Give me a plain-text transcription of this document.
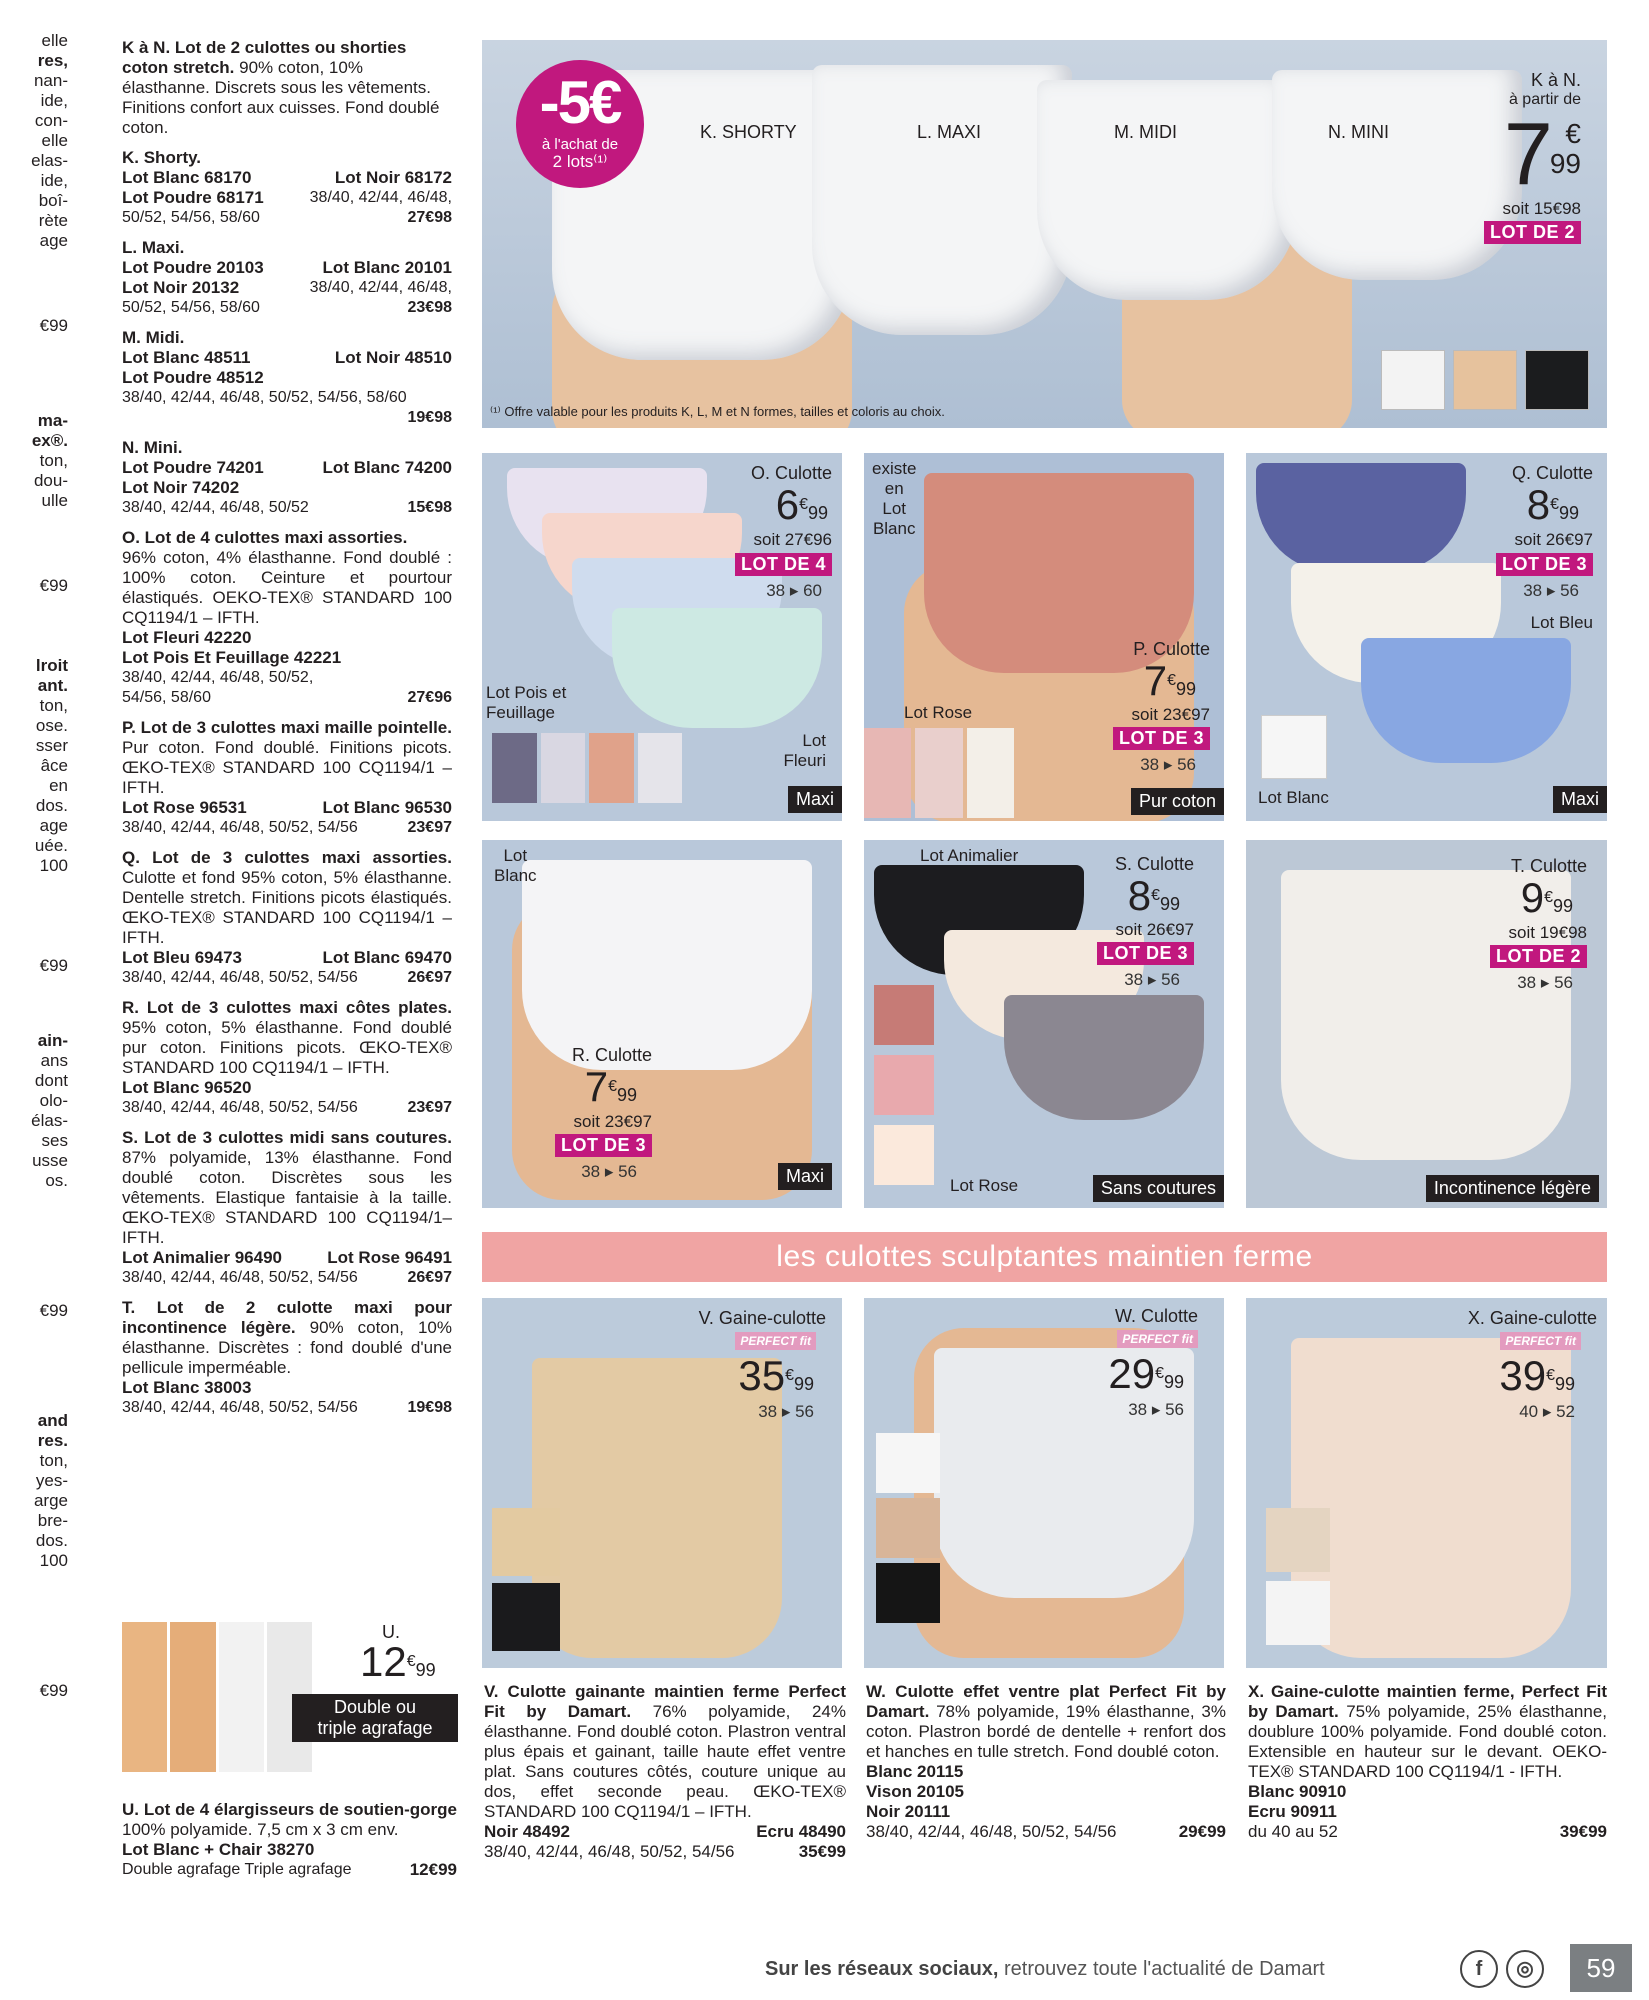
elle
res,
nan-
ide,
con-
elle
elas-
ide,
boî-
rète
age
€99
ma-
ex®.
ton,
dou-
ulle
€99
lroit
ant.
ton,
ose.
sser
âce
en
dos.
age
uée.
100
€99
ain-
ans
dont
olo-
élas-
ses
usse
os.
€99
and
res.
ton,
yes-
arge
bre-
dos.
100
€99
K à N. Lot de 2 culottes ou shorties coton stretch. 90% coton, 10% élasthanne. Discrets sous les vêtements. Finitions confort aux cuisses. Fond doublé coton.
K. Shorty.
Lot Blanc 68170	Lot Noir 68172
Lot Poudre 68171	38/40, 42/44, 46/48,
50/52, 54/56, 58/60	27€98
L. Maxi.
Lot Poudre 20103	Lot Blanc 20101
Lot Noir 20132	38/40, 42/44, 46/48,
50/52, 54/56, 58/60	23€98
M. Midi.
Lot Blanc 48511	Lot Noir 48510
Lot Poudre 48512
38/40, 42/44, 46/48, 50/52, 54/56, 58/60
19€98
N. Mini.
Lot Poudre 74201	Lot Blanc 74200
Lot Noir 74202
38/40, 42/44, 46/48, 50/52	15€98
O. Lot de 4 culottes maxi assorties.
96% coton, 4% élasthanne. Fond doublé : 100% coton. Ceinture et pourtour élastiqués. OEKO-TEX® STANDARD 100 CQ1194/1 – IFTH.
Lot Fleuri 42220
Lot Pois Et Feuillage 42221
38/40, 42/44, 46/48, 50/52,
54/56, 58/60	27€96
P. Lot de 3 culottes maxi maille pointelle. Pur coton. Fond doublé. Finitions picots. ŒKO-TEX® STANDARD 100 CQ1194/1 – IFTH.
Lot Rose 96531	Lot Blanc 96530
38/40, 42/44, 46/48, 50/52, 54/56	23€97
Q. Lot de 3 culottes maxi assorties. Culotte et fond 95% coton, 5% élasthanne. Dentelle stretch. Finitions picots élastiqués. ŒKO-TEX® STANDARD 100 CQ1194/1 – IFTH.
Lot Bleu 69473	Lot Blanc 69470
38/40, 42/44, 46/48, 50/52, 54/56	26€97
R. Lot de 3 culottes maxi côtes plates. 95% coton, 5% élasthanne. Fond doublé pur coton. Finitions picots. ŒKO-TEX® STANDARD 100 CQ1194/1 – IFTH.
Lot Blanc 96520
38/40, 42/44, 46/48, 50/52, 54/56	23€97
S. Lot de 3 culottes midi sans coutures. 87% polyamide, 13% élasthanne. Fond doublé coton. Discrètes sous les vêtements. Elastique fantaisie à la taille. ŒKO-TEX® STANDARD 100 CQ1194/1– IFTH.
Lot Animalier 96490	Lot Rose 96491
38/40, 42/44, 46/48, 50/52, 54/56	26€97
T. Lot de 2 culotte maxi pour incontinence légère. 90% coton, 10% élasthanne. Discrètes : fond doublé d'une pellicule imperméable.
Lot Blanc 38003
38/40, 42/44, 46/48, 50/52, 54/56	19€98
-5€
à l'achat de
2 lots⁽¹⁾
K. SHORTY	L. MAXI	M. MIDI	N. MINI
K à N.
à partir de
7 €
99
soit 15€98
LOT DE 2
⁽¹⁾ Offre valable pour les produits K, L, M et N formes, tailles et coloris au choix.
O. Culotte
6€99
soit 27€96
LOT DE 4
38 ▸ 60
Lot Pois et
Feuillage
Lot
Fleuri
Maxi
existe
en
Lot
Blanc
P. Culotte
7€99
soit 23€97
LOT DE 3
38 ▸ 56
Lot Rose
Pur coton
Q. Culotte
8€99
soit 26€97
LOT DE 3
38 ▸ 56
Lot Bleu
Lot Blanc	Maxi
Lot
Blanc
R. Culotte
7€99
soit 23€97
LOT DE 3
38 ▸ 56	Maxi
Lot Animalier	S. Culotte
8€99
soit 26€97
LOT DE 3
38 ▸ 56
Lot Rose	Sans coutures
T. Culotte
9€99
soit 19€98
LOT DE 2
38 ▸ 56
Incontinence légère
les culottes sculptantes maintien ferme
V. Gaine-culotte
PERFECT fit
35€99
38 ▸ 56
W. Culotte
PERFECT fit
29€99
38 ▸ 56
X. Gaine-culotte
PERFECT fit
39€99
40 ▸ 52
U.
12€99
Double ou
triple agrafage
U. Lot de 4 élargisseurs de soutien-gorge 100% polyamide. 7,5 cm x 3 cm env.
Lot Blanc + Chair 38270
Double agrafage Triple agrafage	12€99
V. Culotte gainante maintien ferme Perfect Fit by Damart. 76% polyamide, 24% élasthanne. Fond doublé coton. Plastron ventral plus épais et gainant, taille haute effet ventre plat. Sans coutures côtés, couture unique au dos, effet seconde peau. ŒKO-TEX® STANDARD 100 CQ1194/1 – IFTH.
Noir 48492	Ecru 48490
38/40, 42/44, 46/48, 50/52, 54/56	35€99
W. Culotte effet ventre plat Perfect Fit by Damart. 78% polyamide, 19% élasthanne, 3% coton. Plastron bordé de dentelle + renfort dos et hanches en tulle stretch. Fond doublé coton.
Blanc 20115
Vison 20105
Noir 20111
38/40, 42/44, 46/48, 50/52, 54/56	29€99
X. Gaine-culotte maintien ferme, Perfect Fit by Damart. 75% polyamide, 25% élasthanne, doublure 100% polyamide. Fond doublé coton. Extensible en hauteur sur le devant. OEKO-TEX® STANDARD 100 CQ1194/1 - IFTH.
Blanc 90910
Ecru 90911
du 40 au 52	39€99
Sur les réseaux sociaux, retrouvez toute l'actualité de Damart	f	◎	59
